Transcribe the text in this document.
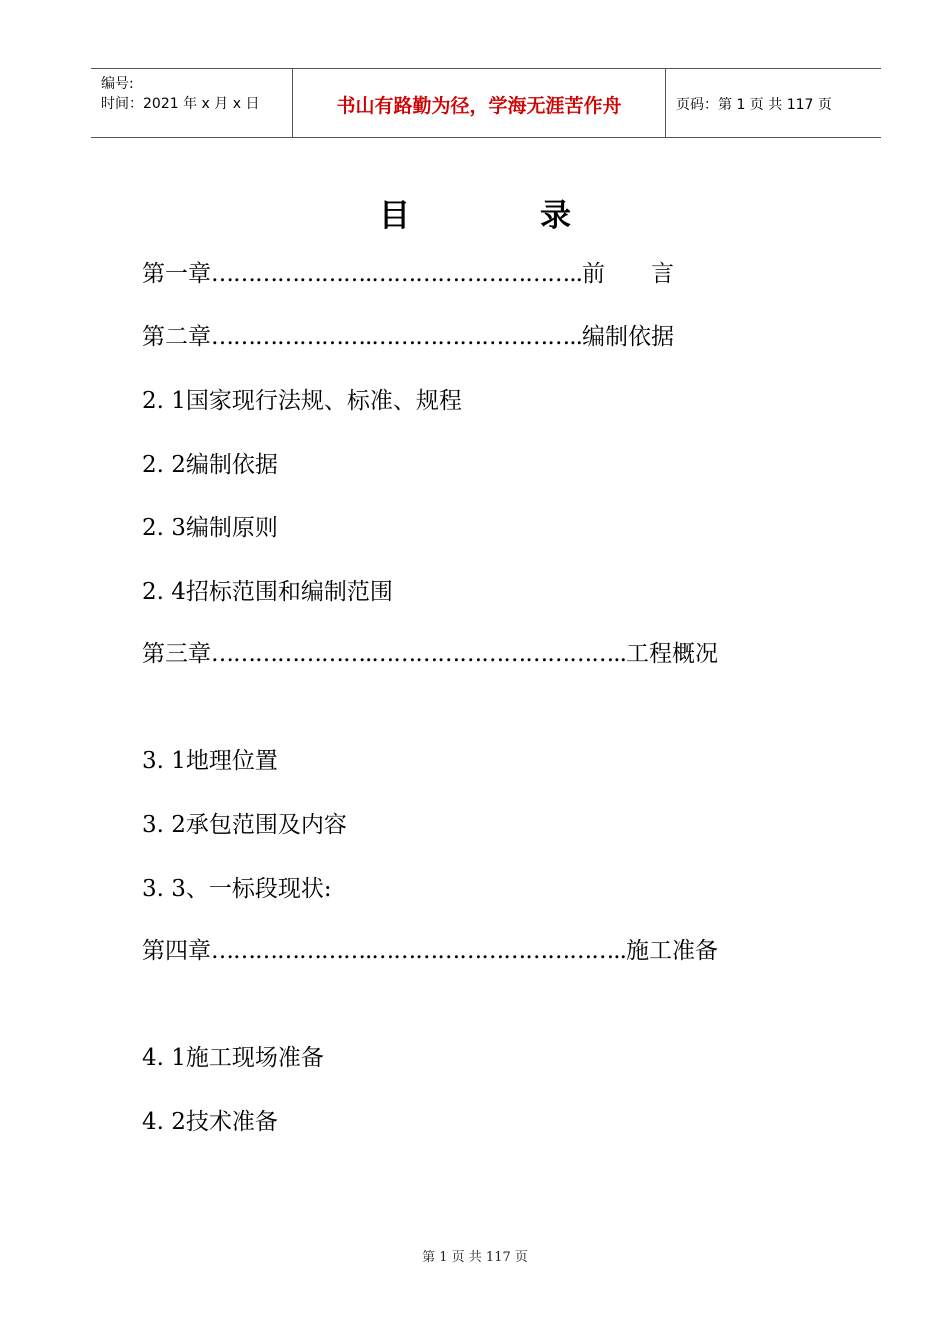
编号:
时间：2021 年 x 月 x 日	书山有路勤为径，学海无涯苦作舟	页码：第 1 页 共 117 页
目录
第一章………………….………………………..前　　言
第二章………………….………………………..编制依据
2. 1国家现行法规、标准、规程
2. 2编制依据
2. 3编制原则
2. 4招标范围和编制范围
第三章………………….……………………………..工程概况
3. 1地理位置
3. 2承包范围及内容
3. 3、一标段现状:
第四章………………….……………………………..施工准备
4. 1施工现场准备
4. 2技术准备
第 1 页 共 117 页
